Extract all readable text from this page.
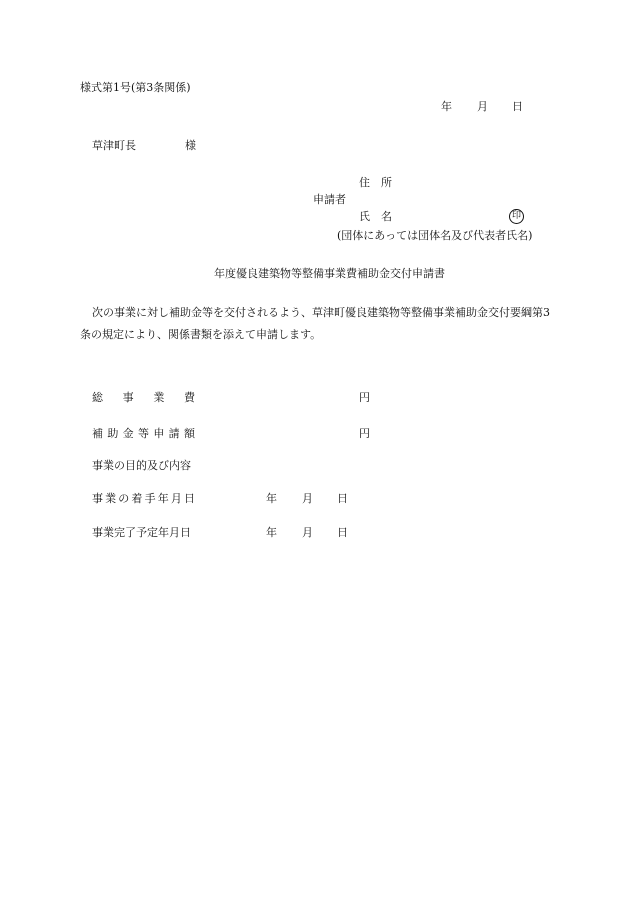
様式第1号(第3条関係)
年 月 日
草津町長	様
住　所
申請者
氏　名	印
(団体にあっては団体名及び代表者氏名)
年度優良建築物等整備事業費補助金交付申請書
次の事業に対し補助金等を交付されるよう、草津町優良建築物等整備事業補助金交付要綱第3条の規定により、関係書類を添えて申請します。
総事業費	円
補助金等申請額	円
事業の目的及び内容
事業の着手年月日	年 月 日
事業完了予定年月日	年 月 日
